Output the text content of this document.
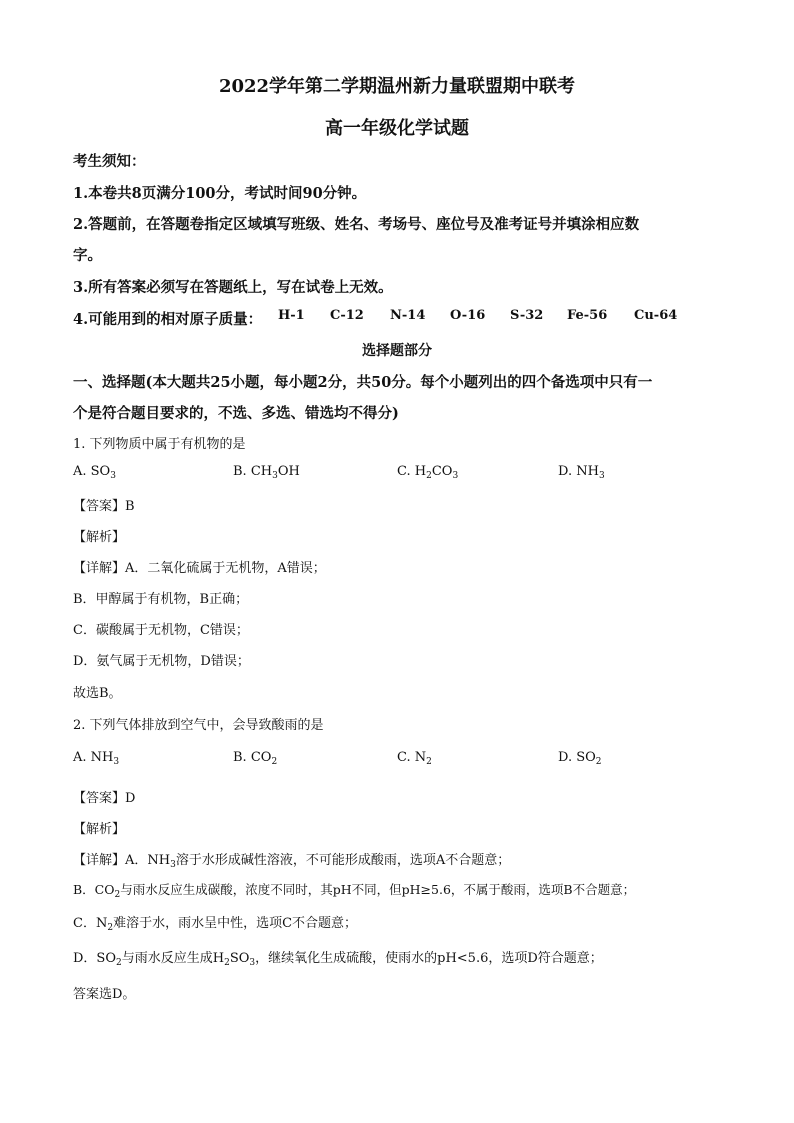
2022学年第二学期温州新力量联盟期中联考
高一年级化学试题
考生须知：
1.本卷共8页满分100分，考试时间90分钟。
2.答题前，在答题卷指定区域填写班级、姓名、考场号、座位号及准考证号并填涂相应数
字。
3.所有答案必须写在答题纸上，写在试卷上无效。
4.可能用到的相对原子质量： H-1 C-12 N-14 O-16 S-32 Fe-56 Cu-64
选择题部分
一、选择题(本大题共25小题，每小题2分，共50分。每个小题列出的四个备选项中只有一
个是符合题目要求的，不选、多选、错选均不得分)
1. 下列物质中属于有机物的是
A. $SO_3$	B. $CH_3OH$	C. $H_2CO_3$	D. $NH_3$
【答案】B
【解析】
【详解】A．二氧化硫属于无机物，A错误；
B．甲醇属于有机物，B正确；
C．碳酸属于无机物，C错误；
D．氨气属于无机物，D错误；
故选B。
2. 下列气体排放到空气中，会导致酸雨的是
A. $NH_3$	B. $CO_2$	C. $N_2$	D. $SO_2$
【答案】D
【解析】
【详解】A．$NH_3$溶于水形成碱性溶液，不可能形成酸雨，选项A不合题意；
B．$CO_2$与雨水反应生成碳酸，浓度不同时，其pH不同，但pH≥5.6，不属于酸雨，选项B不合题意；
C．$N_2$难溶于水，雨水呈中性，选项C不合题意；
D．$SO_2$与雨水反应生成$H_2SO_3$，继续氧化生成硫酸，使雨水的pH<5.6，选项D符合题意；
答案选D。
